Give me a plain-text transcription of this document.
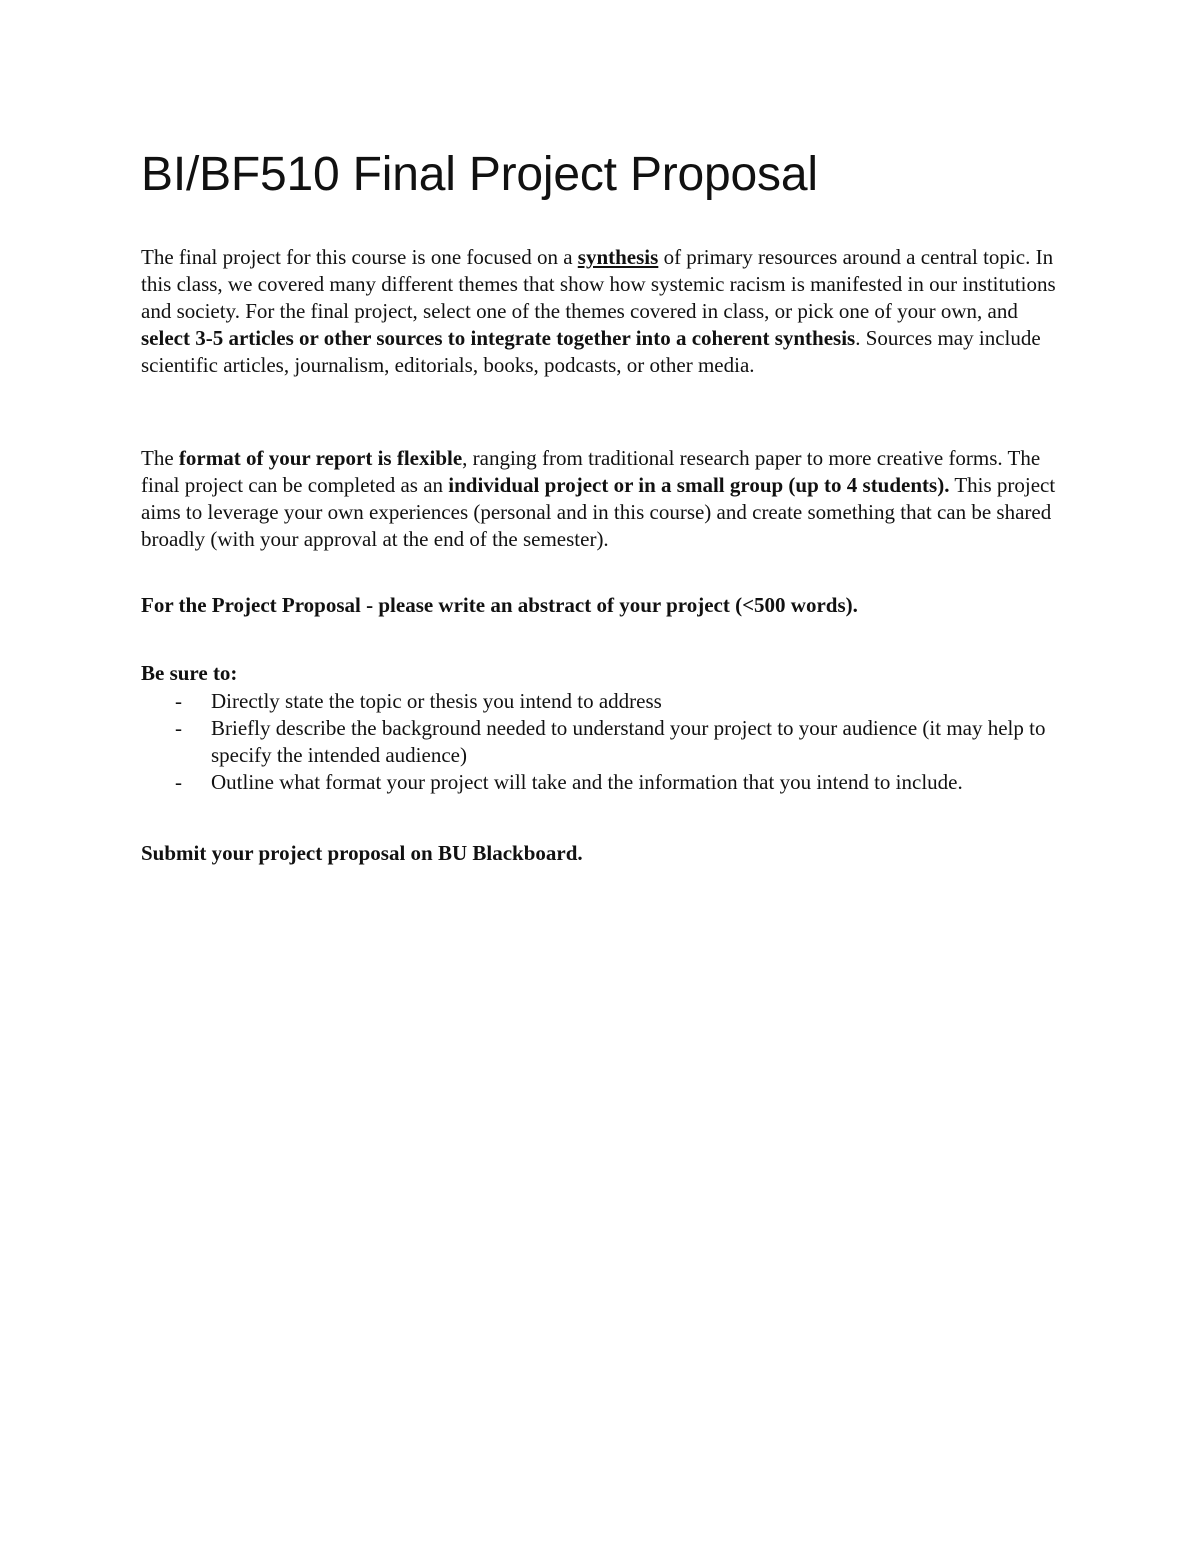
BI/BF510 Final Project Proposal

The final project for this course is one focused on a synthesis of primary resources around a central topic. In this class, we covered many different themes that show how systemic racism is manifested in our institutions and society. For the final project, select one of the themes covered in class, or pick one of your own, and select 3-5 articles or other sources to integrate together into a coherent synthesis. Sources may include scientific articles, journalism, editorials, books, podcasts, or other media.

The format of your report is flexible, ranging from traditional research paper to more creative forms. The final project can be completed as an individual project or in a small group (up to 4 students). This project aims to leverage your own experiences (personal and in this course) and create something that can be shared broadly (with your approval at the end of the semester).

For the Project Proposal - please write an abstract of your project (<500 words).

Be sure to:

- Directly state the topic or thesis you intend to address
- Briefly describe the background needed to understand your project to your audience (it may help to specify the intended audience)
- Outline what format your project will take and the information that you intend to include.

Submit your project proposal on BU Blackboard.
